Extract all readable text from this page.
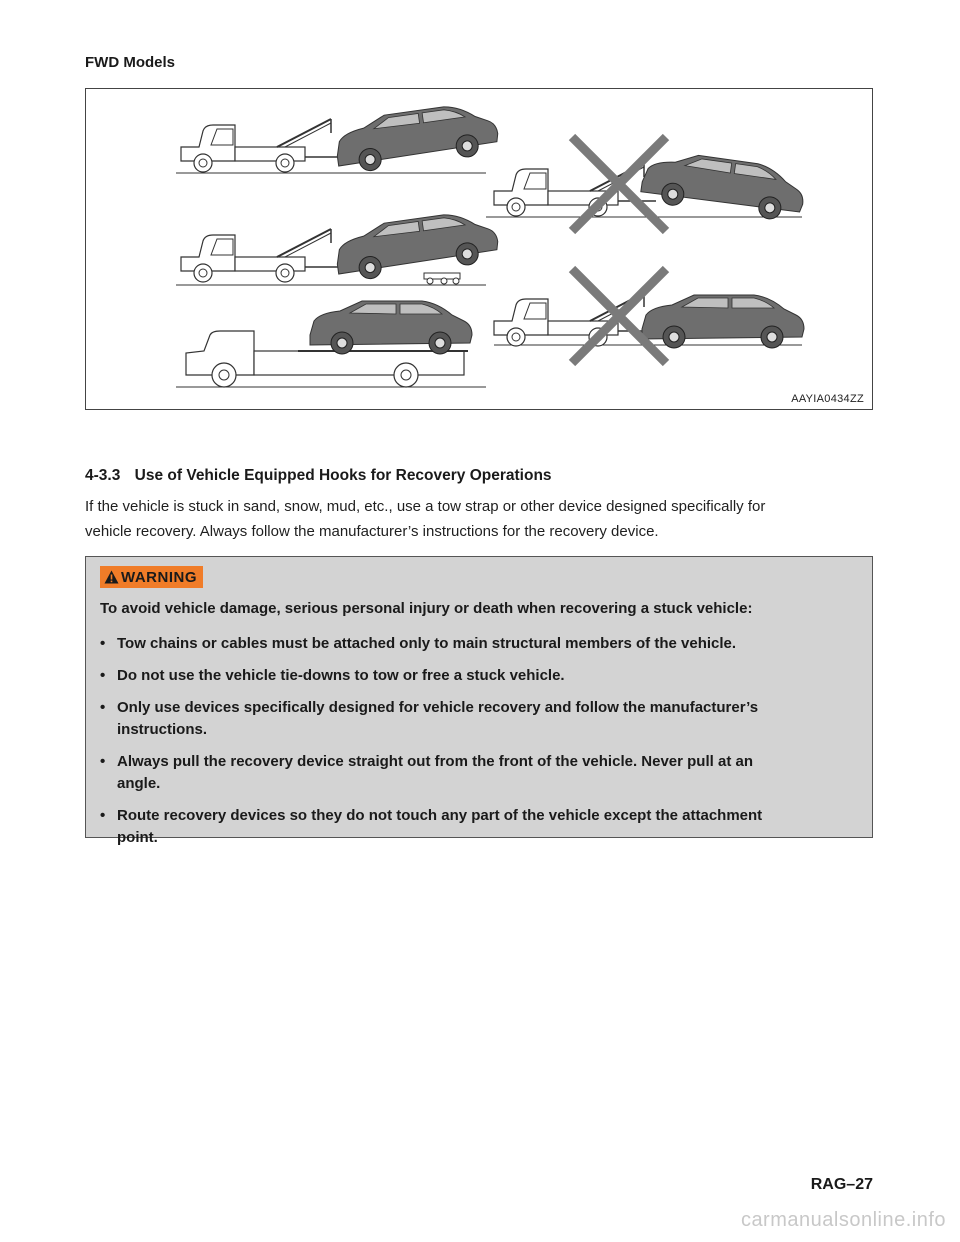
FWD Models
AAYIA0434ZZ
4-3.3 Use of Vehicle Equipped Hooks for Recovery Operations
If the vehicle is stuck in sand, snow, mud, etc., use a tow strap or other device designed specifically for
vehicle recovery. Always follow the manufacturer’s instructions for the recovery device.
WARNING
To avoid vehicle damage, serious personal injury or death when recovering a stuck vehicle:
• Tow chains or cables must be attached only to main structural members of the vehicle.
• Do not use the vehicle tie-downs to tow or free a stuck vehicle.
• Only use devices specifically designed for vehicle recovery and follow the manufacturer’s
instructions.
• Always pull the recovery device straight out from the front of the vehicle. Never pull at an
angle.
• Route recovery devices so they do not touch any part of the vehicle except the attachment
point.
RAG–27
carmanualsonline.info
